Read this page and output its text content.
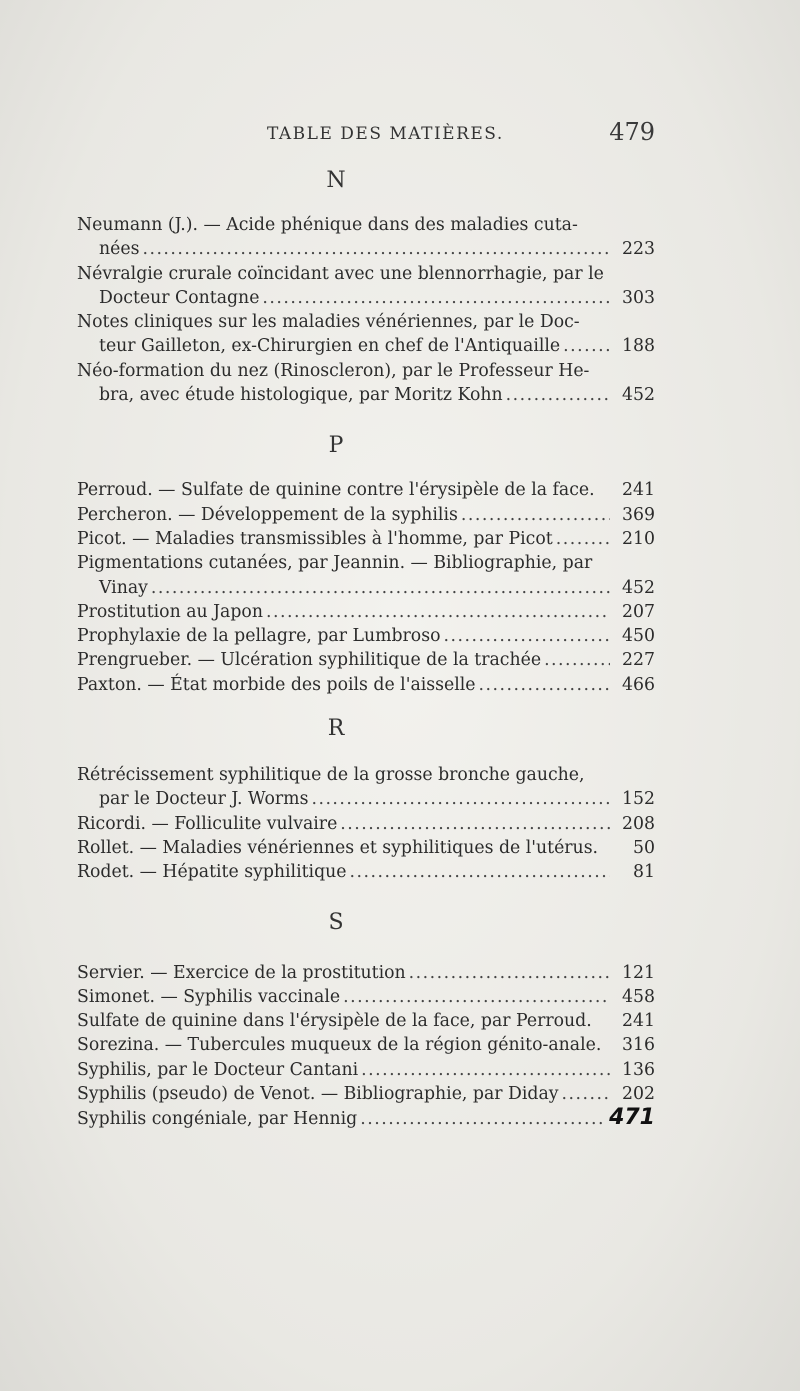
TABLE DES MATIÈRES.	479
N
Neumann (J.). — Acide phénique dans des maladies cuta-
nées .....	223
Névralgie crurale coïncidant avec une blennorrhagie, par le
Docteur Contagne .....	303
Notes cliniques sur les maladies vénériennes, par le Doc-
teur Gailleton, ex-Chirurgien en chef de l'Antiquaille .....	188
Néo-formation du nez (Rinoscleron), par le Professeur He-
bra, avec étude histologique, par Moritz Kohn .....	452
P
Perroud. — Sulfate de quinine contre l'érysipèle de la face.	241
Percheron. — Développement de la syphilis .....	369
Picot. — Maladies transmissibles à l'homme, par Picot .....	210
Pigmentations cutanées, par Jeannin. — Bibliographie, par
Vinay .....	452
Prostitution au Japon .....	207
Prophylaxie de la pellagre, par Lumbroso .....	450
Prengrueber. — Ulcération syphilitique de la trachée .....	227
Paxton. — État morbide des poils de l'aisselle .....	466
R
Rétrécissement syphilitique de la grosse bronche gauche,
par le Docteur J. Worms .....	152
Ricordi. — Folliculite vulvaire .....	208
Rollet. — Maladies vénériennes et syphilitiques de l'utérus.	50
Rodet. — Hépatite syphilitique .....	81
S
Servier. — Exercice de la prostitution .....	121
Simonet. — Syphilis vaccinale .....	458
Sulfate de quinine dans l'érysipèle de la face, par Perroud.	241
Sorezina. — Tubercules muqueux de la région génito-anale.	316
Syphilis, par le Docteur Cantani .....	136
Syphilis (pseudo) de Venot. — Bibliographie, par Diday .....	202
Syphilis congéniale, par Hennig .....	471
